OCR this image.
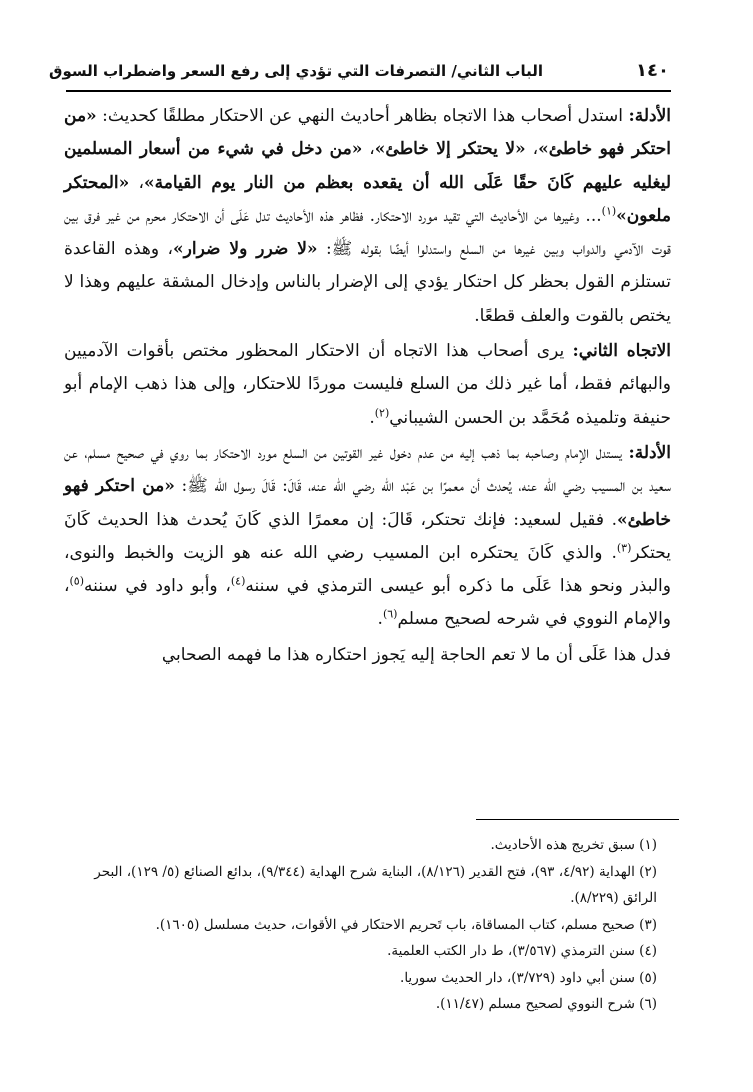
١٤٠
الباب الثاني/ التصرفات التي تؤدي إلى رفع السعر واضطراب السوق

الأدلة: استدل أصحاب هذا الاتجاه بظاهر أحاديث النهي عن الاحتكار مطلقًا كحديث: «من احتكر فهو خاطئ»، «لا يحتكر إلا خاطئ»، «من دخل في شيء من أسعار المسلمين ليغليه عليهم كَانَ حقًا عَلَى الله أن يقعده بعظم من النار يوم القيامة»، «المحتكر ملعون»$^{(١)}$... وغيرها من الأحاديث التي تقيد مورد الاحتكار. فظاهر هذه الأحاديث تدل عَلَى أن الاحتكار محرم من غير فرق بين قوت الآدمي والدواب وبين غيرها من السلع واستدلوا أيضًا بقوله ﷺ: «لا ضرر ولا ضرار»، وهذه القاعدة تستلزم القول بحظر كل احتكار يؤدي إلى الإضرار بالناس وإدخال المشقة عليهم وهذا لا يختص بالقوت والعلف قطعًا.

الاتجاه الثاني: يرى أصحاب هذا الاتجاه أن الاحتكار المحظور مختص بأقوات الآدميين والبهائم فقط، أما غير ذلك من السلع فليست موردًا للاحتكار، وإلى هذا ذهب الإمام أبو حنيفة وتلميذه مُحَمَّد بن الحسن الشيباني$^{(٢)}$.

الأدلة: يستدل الإمام وصاحبه بما ذهب إليه من عدم دخول غير القوتين من السلع مورد الاحتكار بما روي في صحيح مسلم، عن سعيد بن المسيب رضي الله عنه، يُحدث أن معمرًا بن عَبْد الله رضي الله عنه، قَالَ: قَالَ رسول الله ﷺ: «من احتكر فهو خاطئ». فقيل لسعيد: فإنك تحتكر، قَالَ: إن معمرًا الذي كَانَ يُحدث هذا الحديث كَانَ يحتكر$^{(٣)}$. والذي كَانَ يحتكره ابن المسيب رضي الله عنه هو الزيت والخبط والنوى، والبذر ونحو هذا عَلَى ما ذكره أبو عيسى الترمذي في سننه$^{(٤)}$، وأبو داود في سننه$^{(٥)}$، والإمام النووي في شرحه لصحيح مسلم$^{(٦)}$.

فدل هذا عَلَى أن ما لا تعم الحاجة إليه يَجوز احتكاره هذا ما فهمه الصحابي

(١) سبق تخريج هذه الأحاديث.
(٢) الهداية (٤/٩٢، ٩٣)، فتح القدير (٨/١٢٦)، البناية شرح الهداية (٩/٣٤٤)، بدائع الصنائع (٥/ ١٢٩)، البحر الرائق (٨/٢٢٩).
(٣) صحيح مسلم، كتاب المساقاة، باب تَحريم الاحتكار في الأقوات، حديث مسلسل (١٦٠٥).
(٤) سنن الترمذي (٣/٥٦٧)، ط دار الكتب العلمية.
(٥) سنن أبي داود (٣/٧٢٩)، دار الحديث سوريا.
(٦) شرح النووي لصحيح مسلم (١١/٤٧).
